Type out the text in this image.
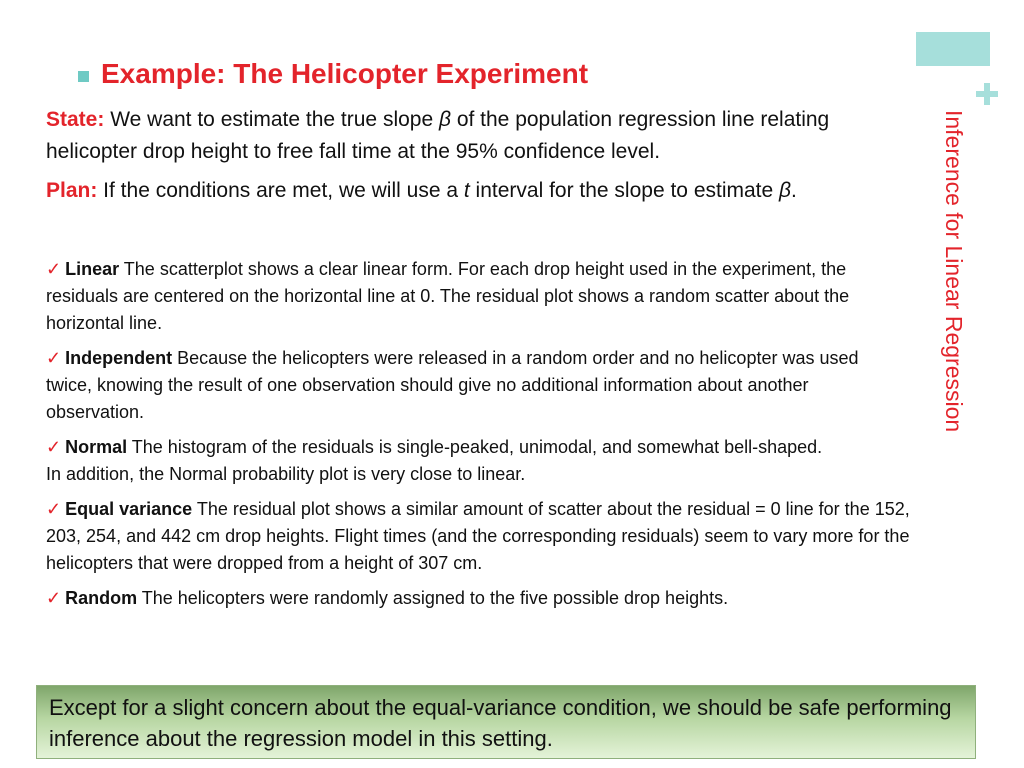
Inference for Linear Regression
Example: The Helicopter Experiment
State: We want to estimate the true slope β of the population regression line relating helicopter drop height to free fall time at the 95% confidence level.
Plan: If the conditions are met, we will use a t interval for the slope to estimate β.
✓ Linear The scatterplot shows a clear linear form. For each drop height used in the experiment, the residuals are centered on the horizontal line at 0. The residual plot shows a random scatter about the horizontal line.
✓ Independent Because the helicopters were released in a random order and no helicopter was used twice, knowing the result of one observation should give no additional information about another observation.
✓ Normal The histogram of the residuals is single-peaked, unimodal, and somewhat bell-shaped. In addition, the Normal probability plot is very close to linear.
✓ Equal variance The residual plot shows a similar amount of scatter about the residual = 0 line for the 152, 203, 254, and 442 cm drop heights. Flight times (and the corresponding residuals) seem to vary more for the helicopters that were dropped from a height of 307 cm.
✓ Random The helicopters were randomly assigned to the five possible drop heights.
Except for a slight concern about the equal-variance condition, we should be safe performing inference about the regression model in this setting.
